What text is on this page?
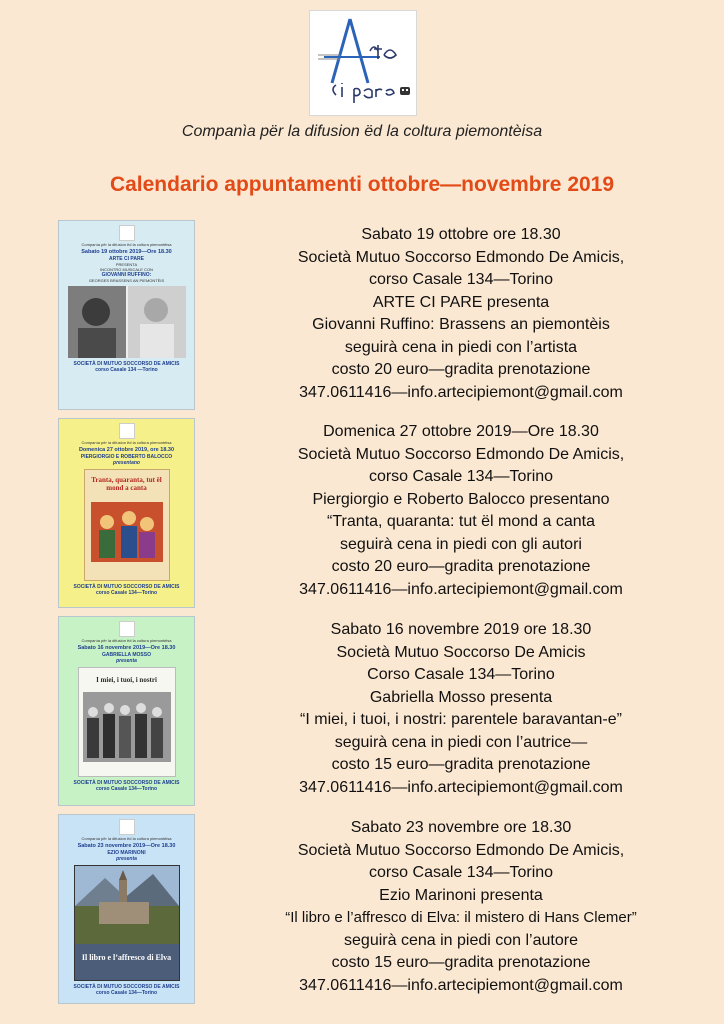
Companìa për la difusion ëd la coltura piemontèisa
Calendario appuntamenti ottobre—novembre 2019
Companìa për la difusion ëd la coltura piemontèisa
Sabato 19 ottobre 2019—Ore 18.30
ARTE CI PARE
PRESENTA
INCONTRO MUSICALE CON
GIOVANNI RUFFINO:
GEORGES BRASSENS AN PIEMONTÈIS
SOCIETÀ DI MUTUO SOCCORSO DE AMICIS
corso Casale 134 —Torino
Sabato 19 ottobre ore 18.30
Società Mutuo Soccorso Edmondo De Amicis,
corso Casale 134—Torino
ARTE CI PARE presenta
Giovanni Ruffino: Brassens an piemontèis
seguirà cena in piedi con l’artista
costo 20 euro—gradita prenotazione
347.0611416—info.artecipiemont@gmail.com
Companìa për la difusion ëd la coltura piemontèisa
Domenica 27 ottobre 2019, ore 18.30
PIERGIORGIO E ROBERTO BALOCCO
presentano
Tranta, quaranta, tut ël mond a canta
SOCIETÀ DI MUTUO SOCCORSO DE AMICIS
corso Casale 134—Torino
Domenica 27 ottobre 2019—Ore 18.30
Società Mutuo Soccorso Edmondo De Amicis,
corso Casale 134—Torino
Piergiorgio e Roberto Balocco presentano
“Tranta, quaranta: tut ël mond a canta
seguirà cena in piedi con gli autori
costo 20 euro—gradita prenotazione
347.0611416—info.artecipiemont@gmail.com
Companìa për la difusion ëd la coltura piemontèisa
Sabato 16 novembre 2019—Ore 18.30
GABRIELLA MOSSO
presenta
I miei, i tuoi, i nostri
SOCIETÀ DI MUTUO SOCCORSO DE AMICIS
corso Casale 134—Torino
Sabato 16 novembre 2019 ore 18.30
Società Mutuo Soccorso De Amicis
Corso Casale 134—Torino
Gabriella Mosso presenta
“I miei, i tuoi, i nostri: parentele baravantan-e”
seguirà cena in piedi con l’autrice—
costo 15 euro—gradita prenotazione
347.0611416—info.artecipiemont@gmail.com
Companìa për la difusion ëd la coltura piemontèisa
Sabato 23 novembre 2019—Ore 18.30
EZIO MARINONI
presenta
Il libro e l’affresco di Elva
SOCIETÀ DI MUTUO SOCCORSO DE AMICIS
corso Casale 134—Torino
Sabato 23 novembre ore 18.30
Società Mutuo Soccorso Edmondo De Amicis,
corso Casale 134—Torino
Ezio Marinoni presenta
“Il libro e l’affresco di Elva: il mistero di Hans Clemer”
seguirà cena in piedi con l’autore
costo 15 euro—gradita prenotazione
347.0611416—info.artecipiemont@gmail.com
